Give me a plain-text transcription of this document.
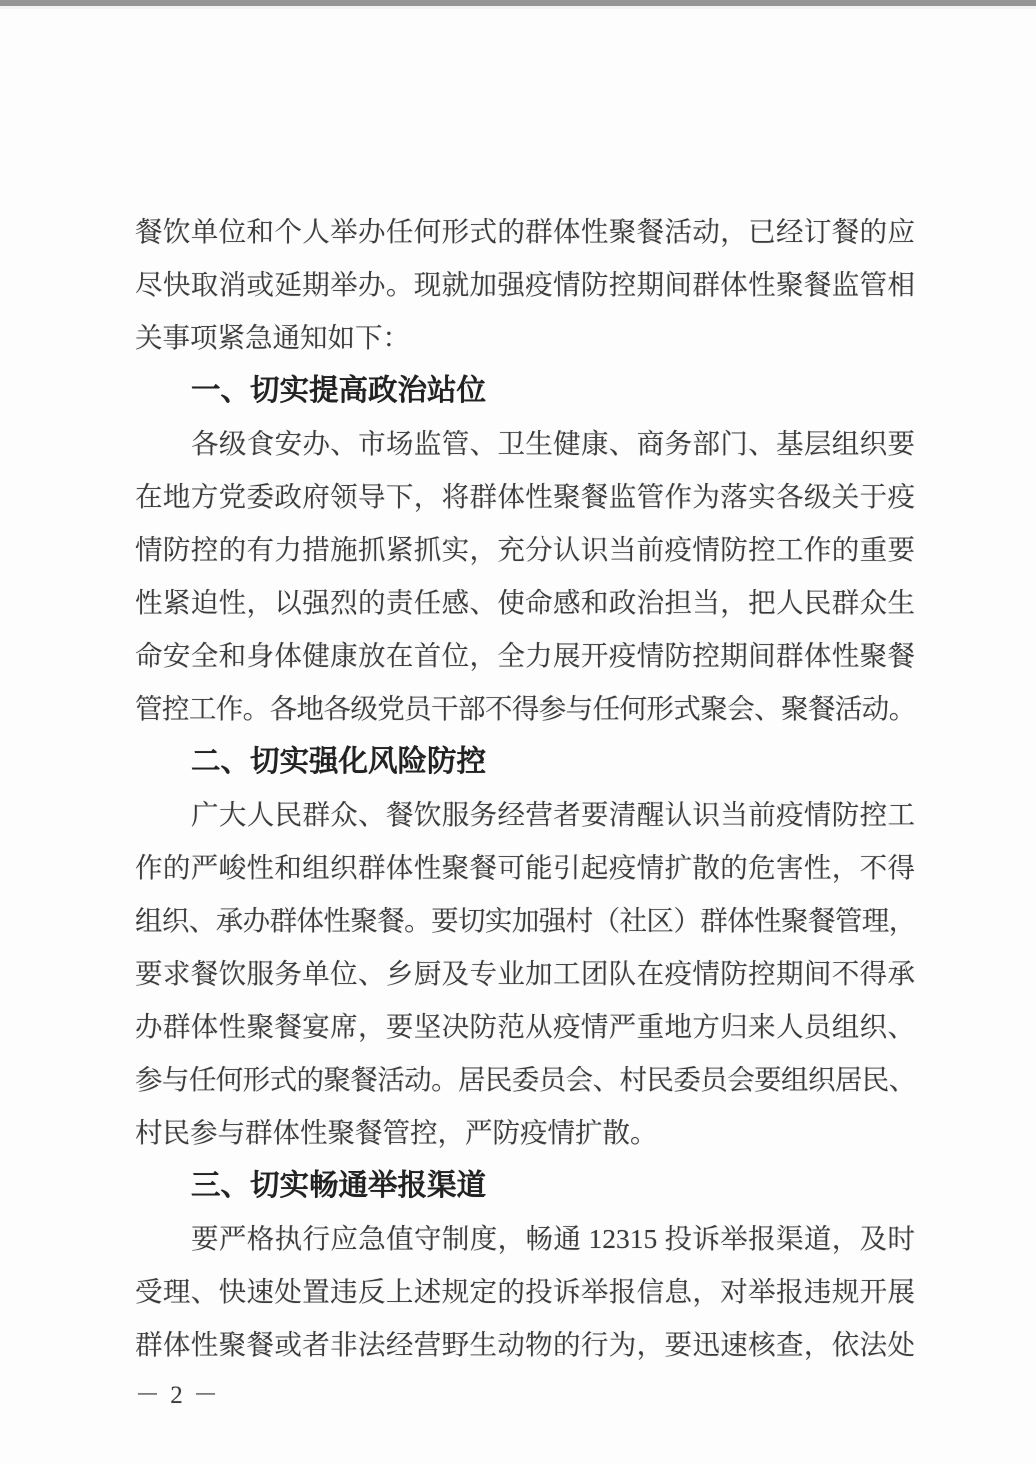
餐饮单位和个人举办任何形式的群体性聚餐活动，已经订餐的应
尽快取消或延期举办。现就加强疫情防控期间群体性聚餐监管相
关事项紧急通知如下：
一、切实提高政治站位
各级食安办、市场监管、卫生健康、商务部门、基层组织要
在地方党委政府领导下，将群体性聚餐监管作为落实各级关于疫
情防控的有力措施抓紧抓实，充分认识当前疫情防控工作的重要
性紧迫性，以强烈的责任感、使命感和政治担当，把人民群众生
命安全和身体健康放在首位，全力展开疫情防控期间群体性聚餐
管控工作。各地各级党员干部不得参与任何形式聚会、聚餐活动。
二、切实强化风险防控
广大人民群众、餐饮服务经营者要清醒认识当前疫情防控工
作的严峻性和组织群体性聚餐可能引起疫情扩散的危害性，不得
组织、承办群体性聚餐。要切实加强村（社区）群体性聚餐管理，
要求餐饮服务单位、乡厨及专业加工团队在疫情防控期间不得承
办群体性聚餐宴席，要坚决防范从疫情严重地方归来人员组织、
参与任何形式的聚餐活动。居民委员会、村民委员会要组织居民、
村民参与群体性聚餐管控，严防疫情扩散。
三、切实畅通举报渠道
要严格执行应急值守制度，畅通 12315 投诉举报渠道，及时
受理、快速处置违反上述规定的投诉举报信息，对举报违规开展
群体性聚餐或者非法经营野生动物的行为，要迅速核查，依法处
－ 2 －
